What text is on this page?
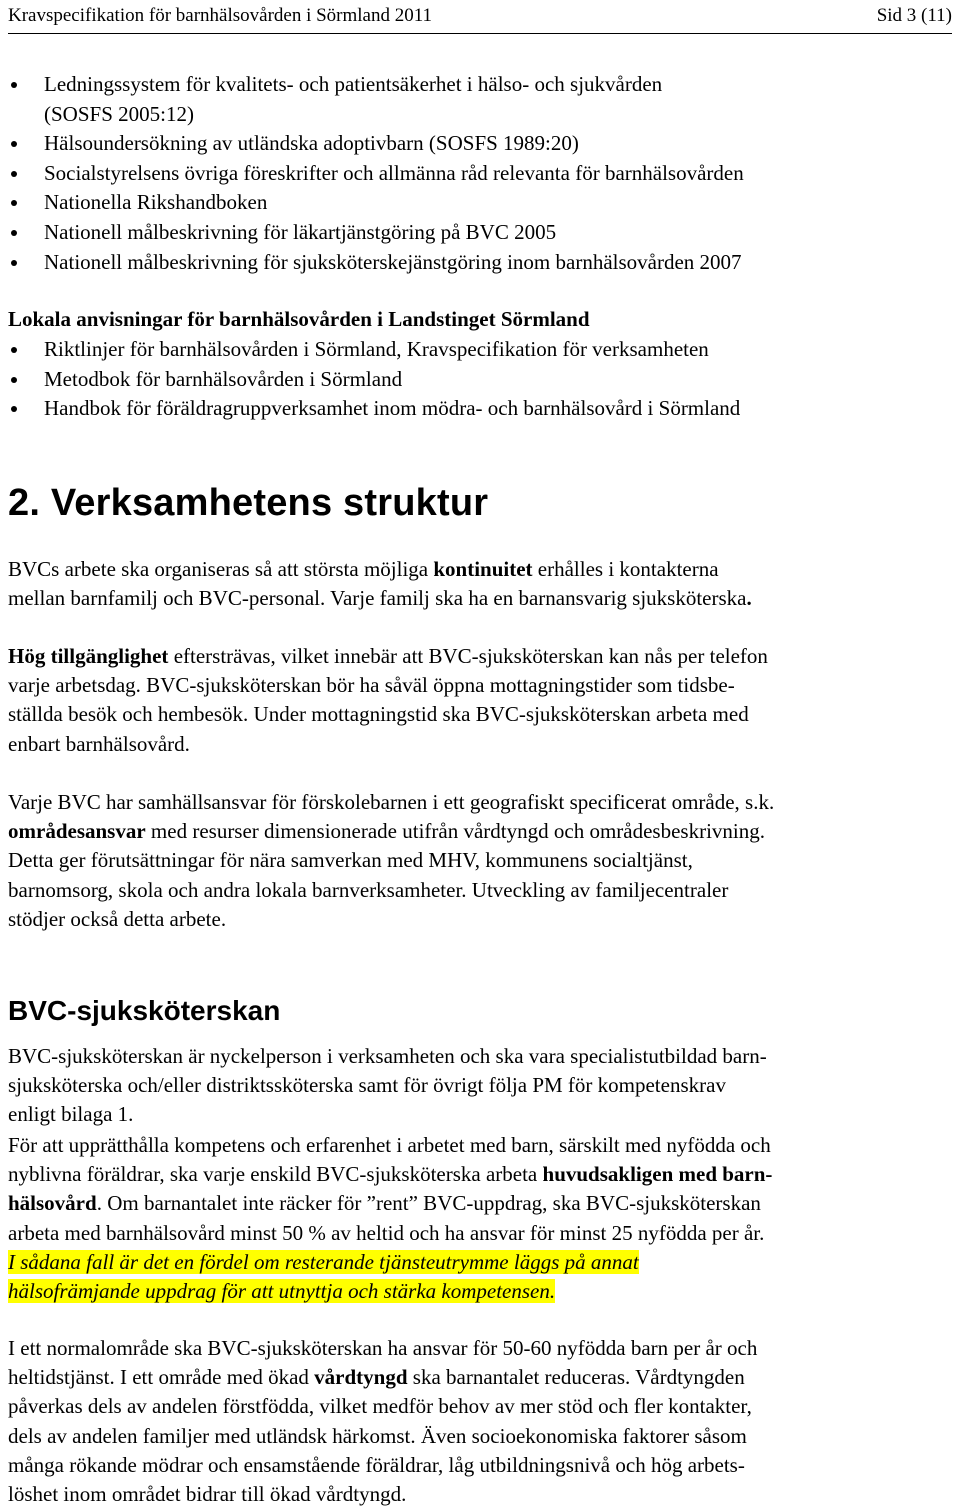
Kravspecifikation för barnhälsovården i Sörmland 2011	Sid 3 (11)
Ledningssystem för kvalitets- och patientsäkerhet i hälso- och sjukvården
(SOSFS 2005:12)
Hälsoundersökning av utländska adoptivbarn (SOSFS 1989:20)
Socialstyrelsens övriga föreskrifter och allmänna råd relevanta för barnhälsovården
Nationella Rikshandboken
Nationell målbeskrivning för läkartjänstgöring på BVC 2005
Nationell målbeskrivning för sjuksköterskejänstgöring inom barnhälsovården 2007
Lokala anvisningar för barnhälsovården i Landstinget Sörmland
Riktlinjer för barnhälsovården i Sörmland, Kravspecifikation för verksamheten
Metodbok för barnhälsovården i Sörmland
Handbok för föräldragruppverksamhet inom mödra- och barnhälsovård i Sörmland
2. Verksamhetens struktur
BVCs arbete ska organiseras så att största möjliga kontinuitet erhålles i kontakterna
mellan barnfamilj och BVC-personal. Varje familj ska ha en barnansvarig sjuksköterska.
Hög tillgänglighet eftersträvas, vilket innebär att BVC-sjuksköterskan kan nås per telefon
varje arbetsdag. BVC-sjuksköterskan bör ha såväl öppna mottagningstider som tidsbe-
ställda besök och hembesök. Under mottagningstid ska BVC-sjuksköterskan arbeta med
enbart barnhälsovård.
Varje BVC har samhällsansvar för förskolebarnen i ett geografiskt specificerat område, s.k.
områdesansvar med resurser dimensionerade utifrån vårdtyngd och områdesbeskrivning.
Detta ger förutsättningar för nära samverkan med MHV, kommunens socialtjänst,
barnomsorg, skola och andra lokala barnverksamheter. Utveckling av familjecentraler
stödjer också detta arbete.
BVC-sjuksköterskan
BVC-sjuksköterskan är nyckelperson i verksamheten och ska vara specialistutbildad barn-
sjuksköterska och/eller distriktssköterska samt för övrigt följa PM för kompetenskrav
enligt bilaga 1.
För att upprätthålla kompetens och erfarenhet i arbetet med barn, särskilt med nyfödda och
nyblivna föräldrar, ska varje enskild BVC-sjuksköterska arbeta huvudsakligen med barn-
hälsovård. Om barnantalet inte räcker för ”rent” BVC-uppdrag, ska BVC-sjuksköterskan
arbeta med barnhälsovård minst 50 % av heltid och ha ansvar för minst 25 nyfödda per år.
I sådana fall är det en fördel om resterande tjänsteutrymme läggs på annat
hälsofrämjande uppdrag för att utnyttja och stärka kompetensen.
I ett normalområde ska BVC-sjuksköterskan ha ansvar för 50-60 nyfödda barn per år och
heltidstjänst. I ett område med ökad vårdtyngd ska barnantalet reduceras. Vårdtyngden
påverkas dels av andelen förstfödda, vilket medför behov av mer stöd och fler kontakter,
dels av andelen familjer med utländsk härkomst. Även socioekonomiska faktorer såsom
många rökande mödrar och ensamstående föräldrar, låg utbildningsnivå och hög arbets-
löshet inom området bidrar till ökad vårdtyngd.
